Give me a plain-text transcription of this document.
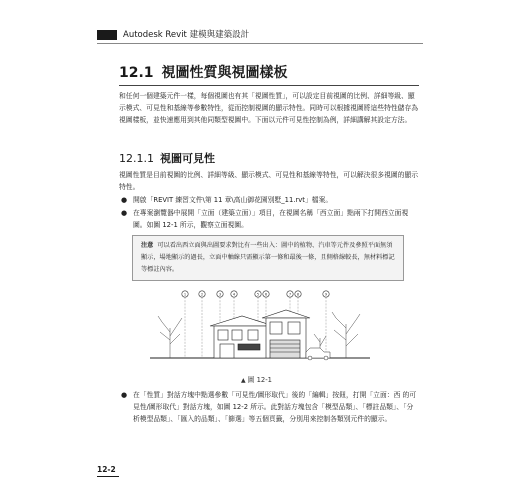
Autodesk Revit 建模與建築設計
12.1 視圖性質與視圖樣板
和任何一個建築元件一樣，每個視圖也有其「視圖性質」，可以設定目前視圖的比例、詳細等級、顯示模式、可見性和基線等參數特性，從而控制視圖的顯示特性。同時可以根據視圖將這些特性儲存為視圖樣板，並快速應用到其他同類型視圖中。下面以元件可見性控制為例，詳細講解其設定方法。
12.1.1 視圖可見性
視圖性質是目前視圖的比例、詳細等級、顯示模式、可見性和基線等特性，可以解決很多視圖的顯示特性。
● 開啟「REVIT 練習文件\第 11 章\高山御花園別墅_11.rvt」檔案。
● 在專案瀏覽器中展開「立面（建築立面）」項目，在視圖名稱「西立面」點兩下打開西立面視圖。如圖 12-1 所示，觀察立面視圖。
注意 可以看出西立面與出圖要求對比有一些出入：圖中的植物、汽車等元件及參照平面無須顯示，場地顯示的過長，立面中軸線只需顯示第一條和最後一條，且側格線較長，無材料標記等標註內容。
1	2	3	4	5 6	7 8	9
▲ 圖 12-1
● 在「性質」對話方塊中點選參數「可見性/圖形取代」後的「編輯」按鈕，打開「立面：西 的可見性/圖形取代」對話方塊，如圖 12-2 所示。此對話方塊包含「模型品類」、「標註品類」、「分析模型品類」、「匯入的品類」、「篩選」等五個頁籤，分別用來控制各類別元件的顯示。
12-2
